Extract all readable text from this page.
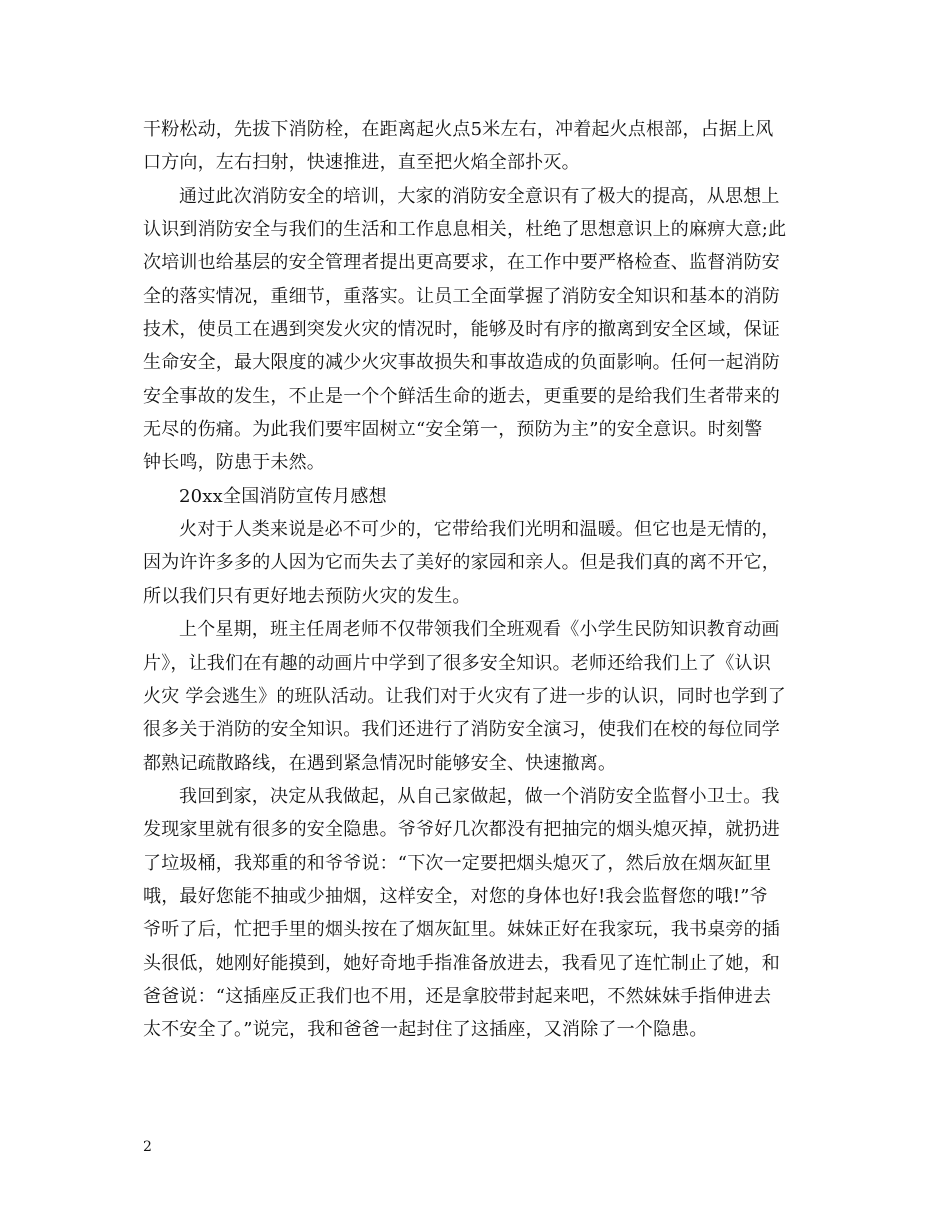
干粉松动，先拔下消防栓，在距离起火点5米左右，冲着起火点根部，占据上风
口方向，左右扫射，快速推进，直至把火焰全部扑灭。
通过此次消防安全的培训，大家的消防安全意识有了极大的提高，从思想上
认识到消防安全与我们的生活和工作息息相关，杜绝了思想意识上的麻痹大意;此
次培训也给基层的安全管理者提出更高要求，在工作中要严格检查、监督消防安
全的落实情况，重细节，重落实。让员工全面掌握了消防安全知识和基本的消防
技术，使员工在遇到突发火灾的情况时，能够及时有序的撤离到安全区域，保证
生命安全，最大限度的减少火灾事故损失和事故造成的负面影响。任何一起消防
安全事故的发生，不止是一个个鲜活生命的逝去，更重要的是给我们生者带来的
无尽的伤痛。为此我们要牢固树立“安全第一，预防为主”的安全意识。时刻警
钟长鸣，防患于未然。
20xx全国消防宣传月感想
火对于人类来说是必不可少的，它带给我们光明和温暖。但它也是无情的，
因为许许多多的人因为它而失去了美好的家园和亲人。但是我们真的离不开它，
所以我们只有更好地去预防火灾的发生。
上个星期，班主任周老师不仅带领我们全班观看《小学生民防知识教育动画
片》，让我们在有趣的动画片中学到了很多安全知识。老师还给我们上了《认识
火灾 学会逃生》的班队活动。让我们对于火灾有了进一步的认识，同时也学到了
很多关于消防的安全知识。我们还进行了消防安全演习，使我们在校的每位同学
都熟记疏散路线，在遇到紧急情况时能够安全、快速撤离。
我回到家，决定从我做起，从自己家做起，做一个消防安全监督小卫士。我
发现家里就有很多的安全隐患。爷爷好几次都没有把抽完的烟头熄灭掉，就扔进
了垃圾桶，我郑重的和爷爷说：“下次一定要把烟头熄灭了，然后放在烟灰缸里
哦，最好您能不抽或少抽烟，这样安全，对您的身体也好!我会监督您的哦!”爷
爷听了后，忙把手里的烟头按在了烟灰缸里。妹妹正好在我家玩，我书桌旁的插
头很低，她刚好能摸到，她好奇地手指准备放进去，我看见了连忙制止了她，和
爸爸说：“这插座反正我们也不用，还是拿胶带封起来吧，不然妹妹手指伸进去
太不安全了。”说完，我和爸爸一起封住了这插座，又消除了一个隐患。
2
